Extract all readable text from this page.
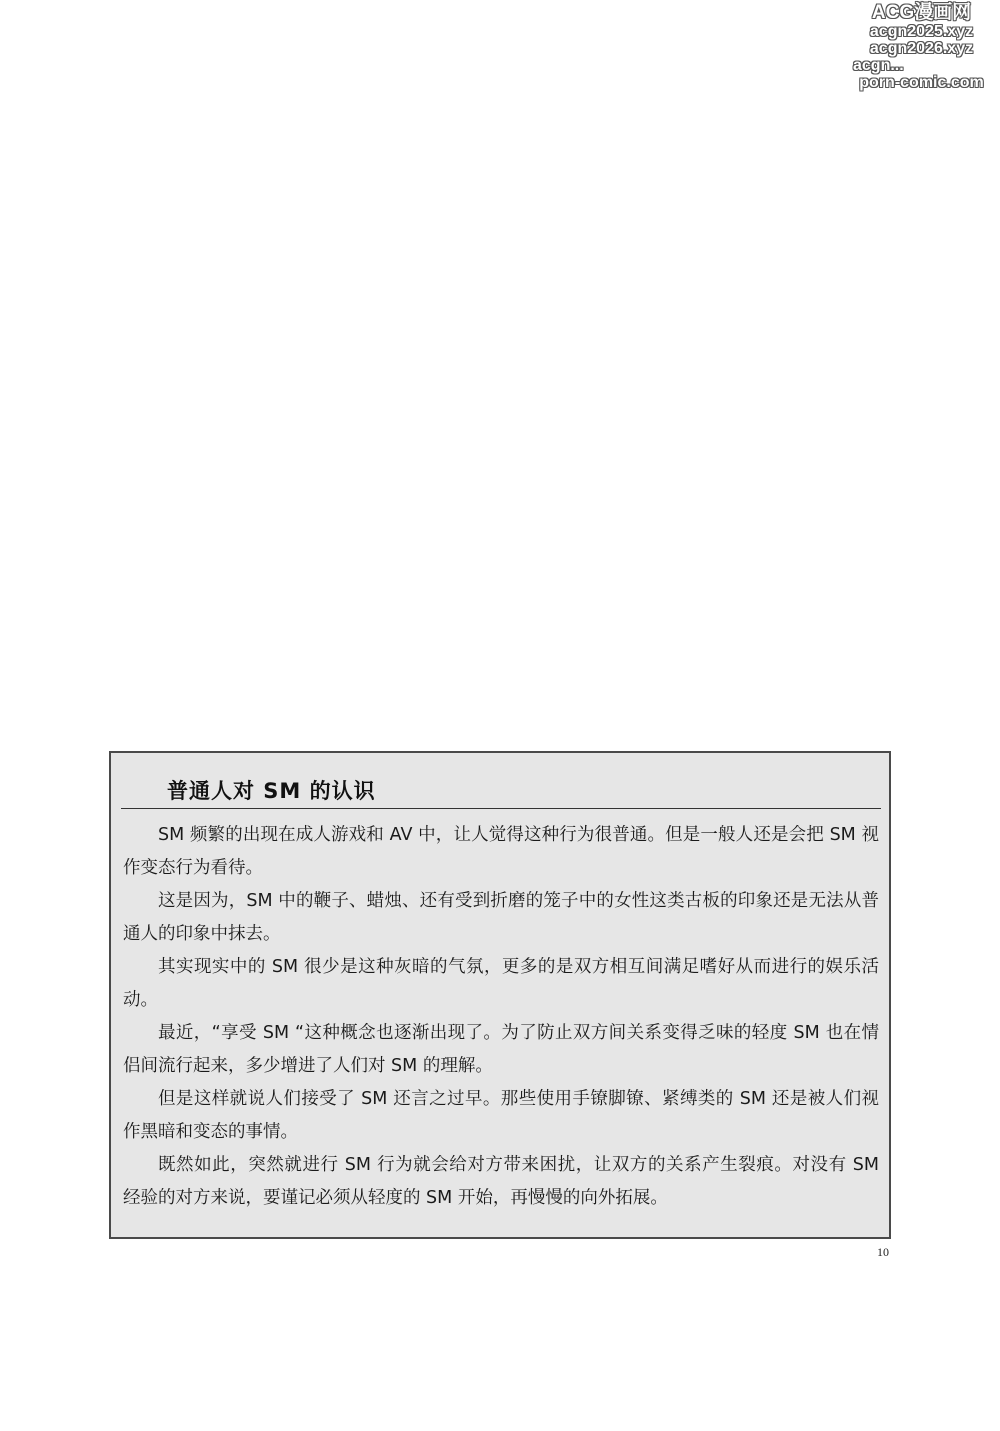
ACG漫画网
acgn2025.xyz
acgn2026.xyz
acgn...
porn-comic.com
普通人对 SM 的认识

SM 频繁的出现在成人游戏和 AV 中，让人觉得这种行为很普通。但是一般人还是会把 SM 视作变态行为看待。

这是因为，SM 中的鞭子、蜡烛、还有受到折磨的笼子中的女性这类古板的印象还是无法从普通人的印象中抹去。

其实现实中的 SM 很少是这种灰暗的气氛，更多的是双方相互间满足嗜好从而进行的娱乐活动。

最近，“享受 SM “这种概念也逐渐出现了。为了防止双方间关系变得乏味的轻度 SM 也在情侣间流行起来，多少增进了人们对 SM 的理解。

但是这样就说人们接受了 SM 还言之过早。那些使用手镣脚镣、紧缚类的 SM 还是被人们视作黑暗和变态的事情。

既然如此，突然就进行 SM 行为就会给对方带来困扰，让双方的关系产生裂痕。对没有 SM 经验的对方来说，要谨记必须从轻度的 SM 开始，再慢慢的向外拓展。

10
